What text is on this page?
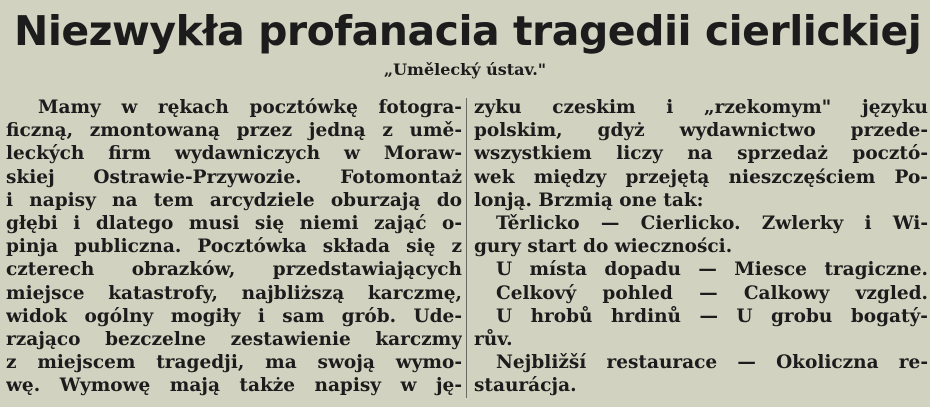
Niezwykła profanacia tragedii cierlickiej
„Umělecký ústav."
Mamy w rękach pocztówkę fotogra-
ficzną, zmontowaną przez jedną z umě-
leckých firm wydawniczych w Moraw-
skiej Ostrawie-Przywozie. Fotomontaż
i napisy na tem arcydziele oburzają do
głębi i dlatego musi się niemi zająć o-
pinja publiczna. Pocztówka składa się z
czterech obrazków, przedstawiających
miejsce katastrofy, najbliższą karczmę,
widok ogólny mogiły i sam grób. Ude-
rzająco bezczelne zestawienie karczmy
z miejscem tragedji, ma swoją wymo-
wę. Wymowę mają także napisy w ję-
zyku czeskim i „rzekomym" języku
polskim, gdyż wydawnictwo przede-
wszystkiem liczy na sprzedaż pocztó-
wek między przejętą nieszczęściem Po-
lonją. Brzmią one tak:
Těrlicko — Cierlicko. Zwlerky i Wi-
gury start do wieczności.
U místa dopadu — Miesce tragiczne.
Celkový pohled — Calkowy vzgled.
U hrobů hrdinů — U grobu bogatý-
rův.
Nejbližší restaurace — Okoliczna re-
staurácja.
